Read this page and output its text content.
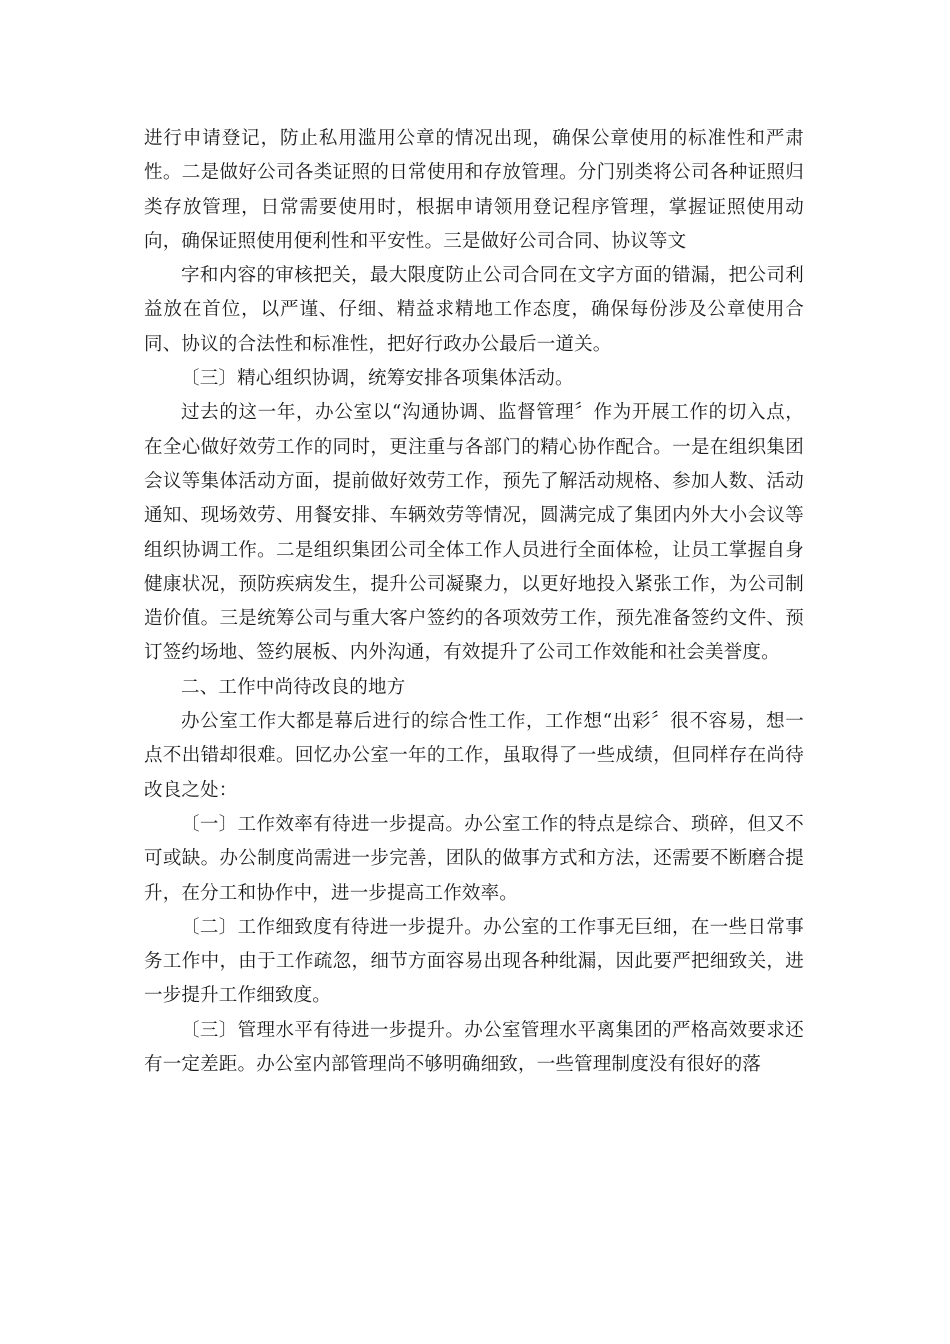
进行申请登记，防止私用滥用公章的情况出现，确保公章使用的标准性和严肃性。二是做好公司各类证照的日常使用和存放管理。分门别类将公司各种证照归类存放管理，日常需要使用时，根据申请领用登记程序管理，掌握证照使用动向，确保证照使用便利性和平安性。三是做好公司合同、协议等文

字和内容的审核把关，最大限度防止公司合同在文字方面的错漏，把公司利益放在首位，以严谨、仔细、精益求精地工作态度，确保每份涉及公章使用合同、协议的合法性和标准性，把好行政办公最后一道关。

〔三〕精心组织协调，统筹安排各项集体活动。

过去的这一年，办公室以“沟通协调、监督管理〞作为开展工作的切入点，在全心做好效劳工作的同时，更注重与各部门的精心协作配合。一是在组织集团会议等集体活动方面，提前做好效劳工作，预先了解活动规格、参加人数、活动通知、现场效劳、用餐安排、车辆效劳等情况，圆满完成了集团内外大小会议等组织协调工作。二是组织集团公司全体工作人员进行全面体检，让员工掌握自身健康状况，预防疾病发生，提升公司凝聚力，以更好地投入紧张工作，为公司制造价值。三是统筹公司与重大客户签约的各项效劳工作，预先准备签约文件、预订签约场地、签约展板、内外沟通，有效提升了公司工作效能和社会美誉度。

二、工作中尚待改良的地方

办公室工作大都是幕后进行的综合性工作，工作想“出彩〞很不容易，想一点不出错却很难。回忆办公室一年的工作，虽取得了一些成绩，但同样存在尚待改良之处：

〔一〕工作效率有待进一步提高。办公室工作的特点是综合、琐碎，但又不可或缺。办公制度尚需进一步完善，团队的做事方式和方法，还需要不断磨合提升，在分工和协作中，进一步提高工作效率。

〔二〕工作细致度有待进一步提升。办公室的工作事无巨细，在一些日常事务工作中，由于工作疏忽，细节方面容易出现各种纰漏，因此要严把细致关，进一步提升工作细致度。

〔三〕管理水平有待进一步提升。办公室管理水平离集团的严格高效要求还有一定差距。办公室内部管理尚不够明确细致，一些管理制度没有很好的落
